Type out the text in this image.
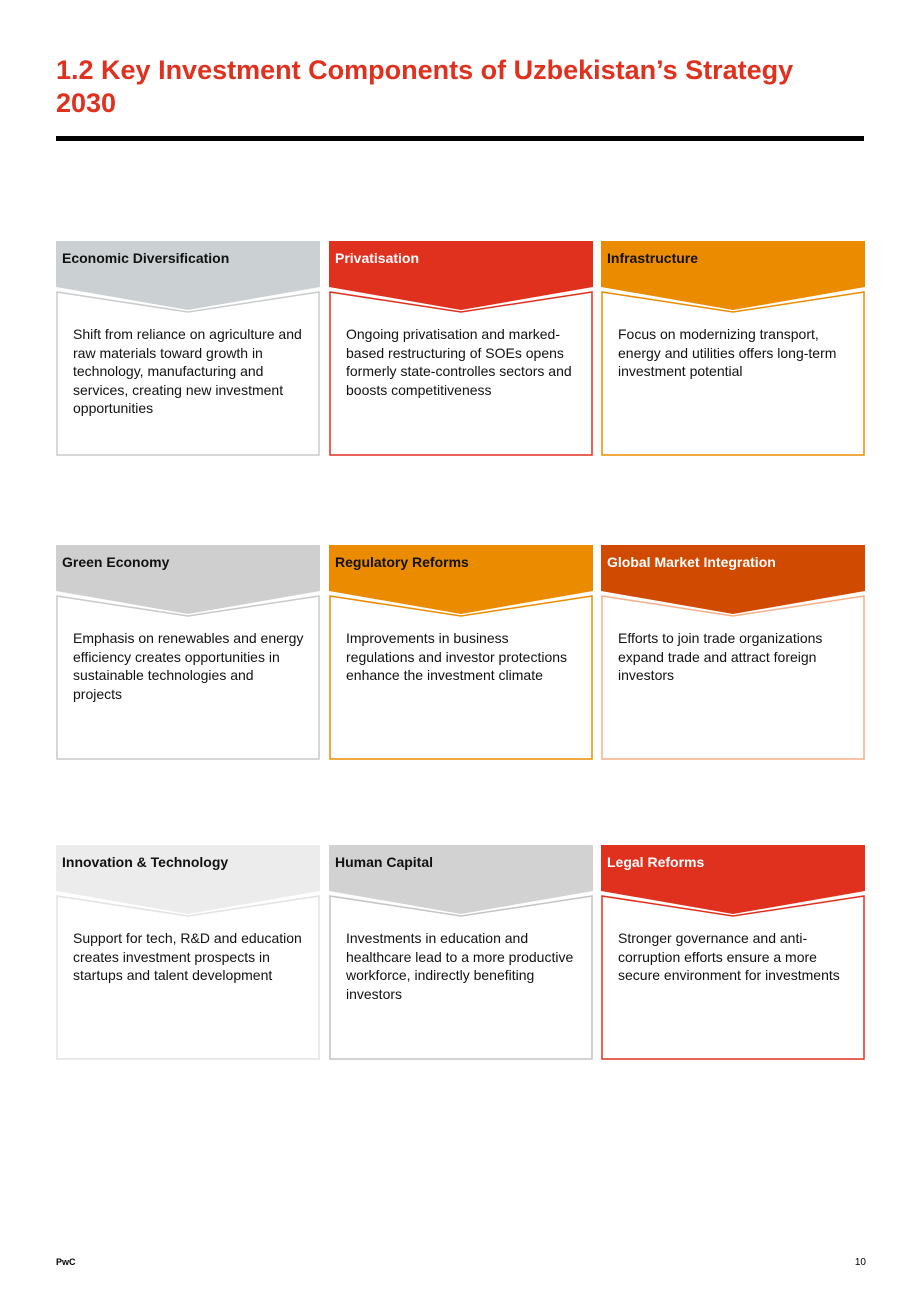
1.2 Key Investment Components of Uzbekistan’s Strategy 2030
Economic Diversification
Shift from reliance on agriculture and raw materials toward growth in technology, manufacturing and services, creating new investment opportunities
Privatisation
Ongoing privatisation and marked-based restructuring of SOEs opens formerly state-controlles sectors and boosts competitiveness
Infrastructure
Focus on modernizing transport, energy and utilities offers long-term investment potential
Green Economy
Emphasis on renewables and energy efficiency creates opportunities in sustainable technologies and projects
Regulatory Reforms
Improvements in business regulations and investor protections enhance the investment climate
Global Market Integration
Efforts to join trade organizations expand trade and attract foreign investors
Innovation & Technology
Support for tech, R&D and education creates investment prospects in startups and talent development
Human Capital
Investments in education and healthcare lead to a more productive workforce, indirectly benefiting investors
Legal Reforms
Stronger governance and anti-corruption efforts ensure a more secure environment for investments
PwC	10
